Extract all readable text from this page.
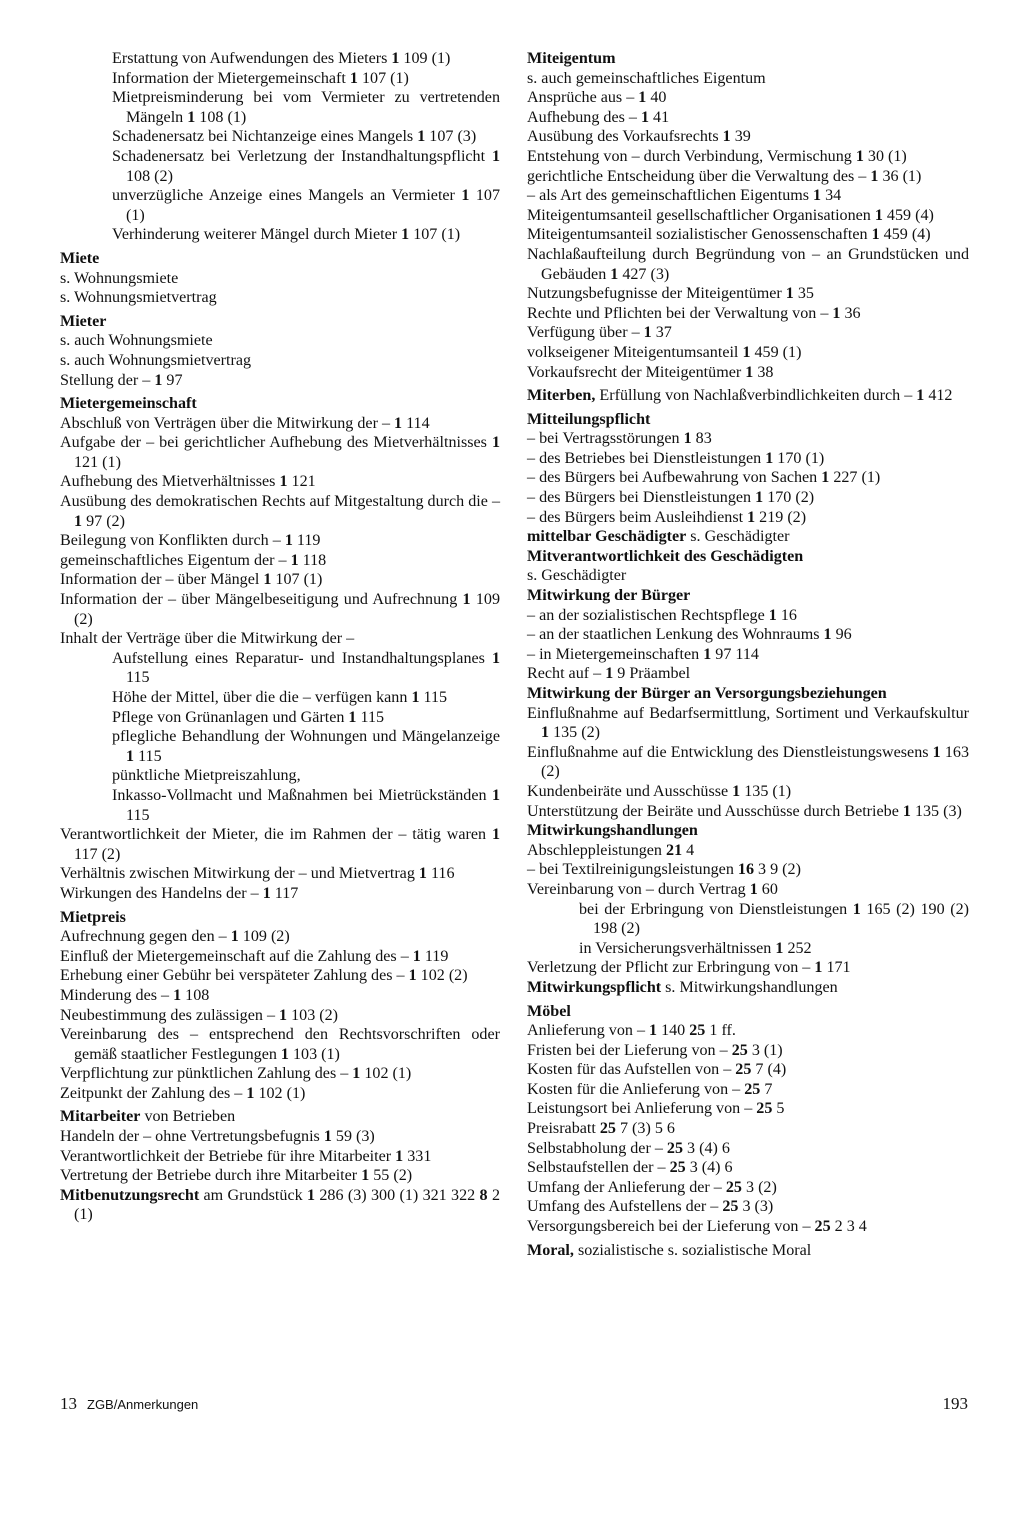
Erstattung von Aufwendungen des Mieters 1 109 (1)
Information der Mietergemeinschaft 1 107 (1)
Mietpreisminderung bei vom Vermieter zu vertretenden Mängeln 1 108 (1)
Schadenersatz bei Nichtanzeige eines Mangels 1 107 (3)
Schadenersatz bei Verletzung der Instandhaltungspflicht 1 108 (2)
unverzügliche Anzeige eines Mangels an Vermieter 1 107 (1)
Verhinderung weiterer Mängel durch Mieter 1 107 (1)
Miete
s. Wohnungsmiete
s. Wohnungsmietvertrag
Mieter
s. auch Wohnungsmiete
s. auch Wohnungsmietvertrag
Stellung der – 1 97
Mietergemeinschaft
Abschluß von Verträgen über die Mitwirkung der – 1 114
Aufgabe der – bei gerichtlicher Aufhebung des Mietverhältnisses 1 121 (1)
Aufhebung des Mietverhältnisses 1 121
Ausübung des demokratischen Rechts auf Mitgestaltung durch die – 1 97 (2)
Beilegung von Konflikten durch – 1 119
gemeinschaftliches Eigentum der – 1 118
Information der – über Mängel 1 107 (1)
Information der – über Mängelbeseitigung und Aufrechnung 1 109 (2)
Inhalt der Verträge über die Mitwirkung der –
Aufstellung eines Reparatur- und Instandhaltungsplanes 1 115
Höhe der Mittel, über die die – verfügen kann 1 115
Pflege von Grünanlagen und Gärten 1 115
pflegliche Behandlung der Wohnungen und Mängelanzeige 1 115
pünktliche Mietpreiszahlung,
Inkasso-Vollmacht und Maßnahmen bei Mietrückständen 1 115
Verantwortlichkeit der Mieter, die im Rahmen der – tätig waren 1 117 (2)
Verhältnis zwischen Mitwirkung der – und Mietvertrag 1 116
Wirkungen des Handelns der – 1 117
Mietpreis
Aufrechnung gegen den – 1 109 (2)
Einfluß der Mietergemeinschaft auf die Zahlung des – 1 119
Erhebung einer Gebühr bei verspäteter Zahlung des – 1 102 (2)
Minderung des – 1 108
Neubestimmung des zulässigen – 1 103 (2)
Vereinbarung des – entsprechend den Rechtsvorschriften oder gemäß staatlicher Festlegungen 1 103 (1)
Verpflichtung zur pünktlichen Zahlung des – 1 102 (1)
Zeitpunkt der Zahlung des – 1 102 (1)
Mitarbeiter von Betrieben
Handeln der – ohne Vertretungsbefugnis 1 59 (3)
Verantwortlichkeit der Betriebe für ihre Mitarbeiter 1 331
Vertretung der Betriebe durch ihre Mitarbeiter 1 55 (2)
Mitbenutzungsrecht am Grundstück 1 286 (3) 300 (1) 321 322 8 2 (1)
Miteigentum
s. auch gemeinschaftliches Eigentum
Ansprüche aus – 1 40
Aufhebung des – 1 41
Ausübung des Vorkaufsrechts 1 39
Entstehung von – durch Verbindung, Vermischung 1 30 (1)
gerichtliche Entscheidung über die Verwaltung des – 1 36 (1)
– als Art des gemeinschaftlichen Eigentums 1 34
Miteigentumsanteil gesellschaftlicher Organisationen 1 459 (4)
Miteigentumsanteil sozialistischer Genossenschaften 1 459 (4)
Nachlaßaufteilung durch Begründung von – an Grundstücken und Gebäuden 1 427 (3)
Nutzungsbefugnisse der Miteigentümer 1 35
Rechte und Pflichten bei der Verwaltung von – 1 36
Verfügung über – 1 37
volkseigener Miteigentumsanteil 1 459 (1)
Vorkaufsrecht der Miteigentümer 1 38
Miterben, Erfüllung von Nachlaßverbindlichkeiten durch – 1 412
Mitteilungspflicht
– bei Vertragsstörungen 1 83
– des Betriebes bei Dienstleistungen 1 170 (1)
– des Bürgers bei Aufbewahrung von Sachen 1 227 (1)
– des Bürgers bei Dienstleistungen 1 170 (2)
– des Bürgers beim Ausleihdienst 1 219 (2)
mittelbar Geschädigter s. Geschädigter
Mitverantwortlichkeit des Geschädigten
s. Geschädigter
Mitwirkung der Bürger
– an der sozialistischen Rechtspflege 1 16
– an der staatlichen Lenkung des Wohnraums 1 96
– in Mietergemeinschaften 1 97 114
Recht auf – 1 9 Präambel
Mitwirkung der Bürger an Versorgungsbeziehungen
Einflußnahme auf Bedarfsermittlung, Sortiment und Verkaufskultur 1 135 (2)
Einflußnahme auf die Entwicklung des Dienstleistungswesens 1 163 (2)
Kundenbeiräte und Ausschüsse 1 135 (1)
Unterstützung der Beiräte und Ausschüsse durch Betriebe 1 135 (3)
Mitwirkungshandlungen
Abschleppleistungen 21 4
– bei Textilreinigungsleistungen 16 3 9 (2)
Vereinbarung von – durch Vertrag 1 60
bei der Erbringung von Dienstleistungen 1 165 (2) 190 (2) 198 (2)
in Versicherungsverhältnissen 1 252
Verletzung der Pflicht zur Erbringung von – 1 171
Mitwirkungspflicht s. Mitwirkungshandlungen
Möbel
Anlieferung von – 1 140 25 1 ff.
Fristen bei der Lieferung von – 25 3 (1)
Kosten für das Aufstellen von – 25 7 (4)
Kosten für die Anlieferung von – 25 7
Leistungsort bei Anlieferung von – 25 5
Preisrabatt 25 7 (3) 5 6
Selbstabholung der – 25 3 (4) 6
Selbstaufstellen der – 25 3 (4) 6
Umfang der Anlieferung der – 25 3 (2)
Umfang des Aufstellens der – 25 3 (3)
Versorgungsbereich bei der Lieferung von – 25 2 3 4
Moral, sozialistische s. sozialistische Moral
13 ZGB/Anmerkungen	193
